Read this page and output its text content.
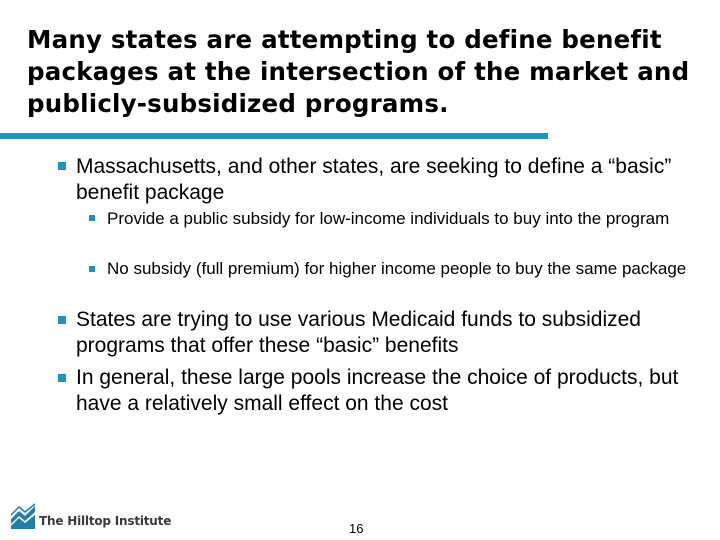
Many states are attempting to define benefit packages at the intersection of the market and publicly-subsidized programs.
Massachusetts, and other states, are seeking to define a “basic” benefit package
Provide a public subsidy for low-income individuals to buy into the program
No subsidy (full premium) for higher income people to buy the same package
States are trying to use various Medicaid funds to subsidized programs that offer these “basic” benefits
In general, these large pools increase the choice of products, but have a relatively small effect on the cost
The Hilltop Institute	16
